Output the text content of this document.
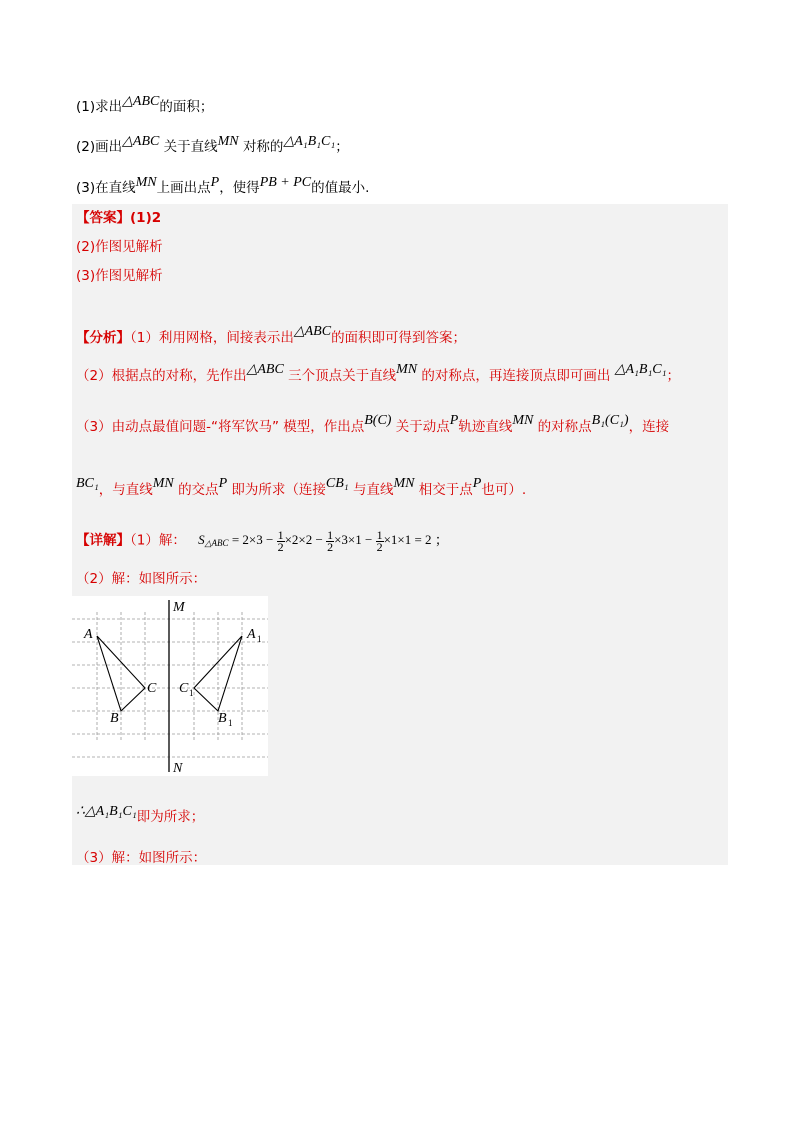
(1)求出△ABC的面积；
(2)画出△ABC 关于直线MN 对称的△A₁B₁C₁；
(3)在直线MN上画出点P，使得PB + PC的值最小.
【答案】(1)2
(2)作图见解析
(3)作图见解析
【分析】（1）利用网格，间接表示出△ABC的面积即可得到答案；
（2）根据点的对称，先作出△ABC 三个顶点关于直线MN 的对称点，再连接顶点即可画出 △A₁B₁C₁；
（3）由动点最值问题-“将军饮马” 模型，作出点B(C) 关于动点P轨迹直线MN 的对称点B₁(C₁)，连接
BC₁，与直线MN 的交点P 即为所求（连接CB₁ 与直线MN 相交于点P也可）.
【详解】（1）解： $S_{\triangle ABC} = 2\times 3 - \frac{1}{2} \times 2\times 2 - \frac{1}{2} \times 3\times 1 - \frac{1}{2} \times 1\times 1 = 2$ ；
（2）解：如图所示：
M
N
A
B
C
A
B
C
1
1
1
∴△A₁B₁C₁即为所求；
（3）解：如图所示：
